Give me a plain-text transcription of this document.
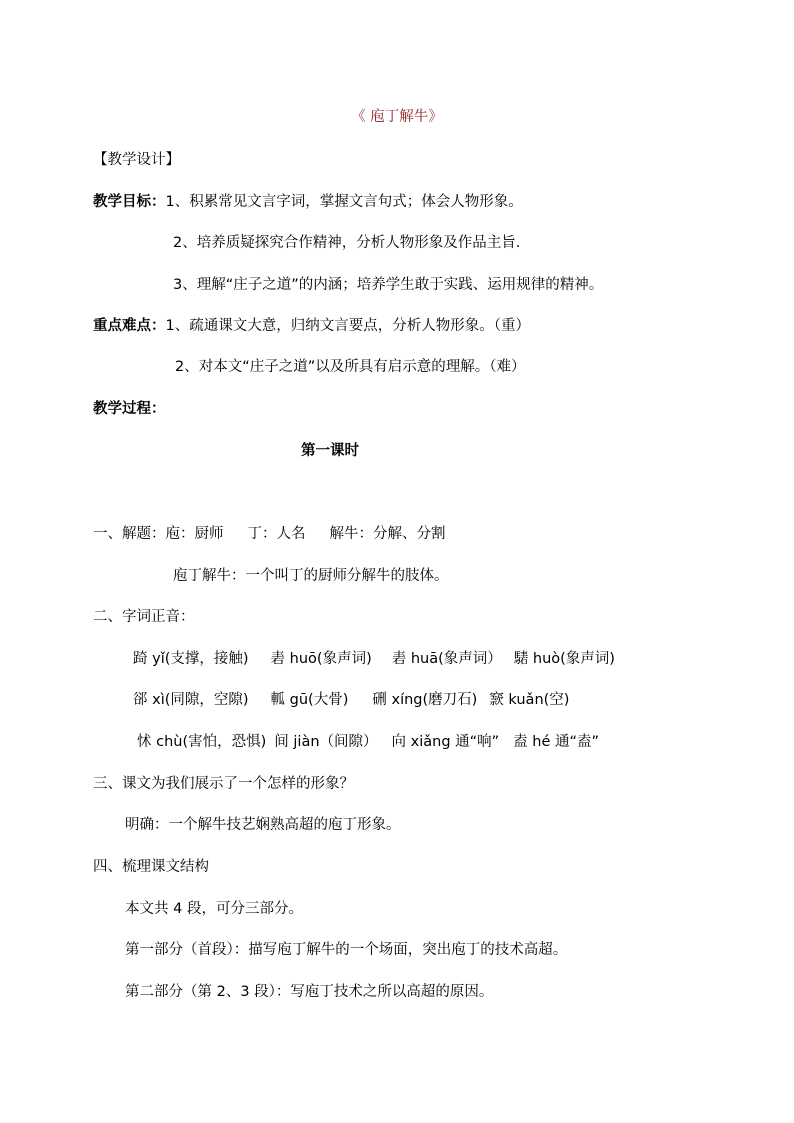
《 庖丁解牛》
【教学设计】
教学目标：1、积累常见文言字词，掌握文言句式；体会人物形象。
2、培养质疑探究合作精神，分析人物形象及作品主旨.
3、理解“庄子之道”的内涵；培养学生敢于实践、运用规律的精神。
重点难点：1、疏通课文大意，归纳文言要点，分析人物形象。（重）
2、对本文“庄子之道”以及所具有启示意的理解。（难）
教学过程：
第一课时
一、解题：庖：厨师 丁：人名 解牛：分解、分割
庖丁解牛：一个叫丁的厨师分解牛的肢体。
二、字词正音：
踦 yǐ(支撑，接触) 砉 huō(象声词) 砉 huā(象声词） 騞 huò(象声词)
郤 xì(同隙，空隙) 軱 gū(大骨) 硎 xíng(磨刀石) 窾 kuǎn(空)
怵 chù(害怕，恐惧) 间 jiàn（间隙） 向 xiǎng 通“响” 盍 hé 通“盍”
三、课文为我们展示了一个怎样的形象？
明确：一个解牛技艺娴熟高超的庖丁形象。
四、梳理课文结构
本文共 4 段，可分三部分。
第一部分（首段）：描写庖丁解牛的一个场面，突出庖丁的技术高超。
第二部分（第 2、3 段）：写庖丁技术之所以高超的原因。
